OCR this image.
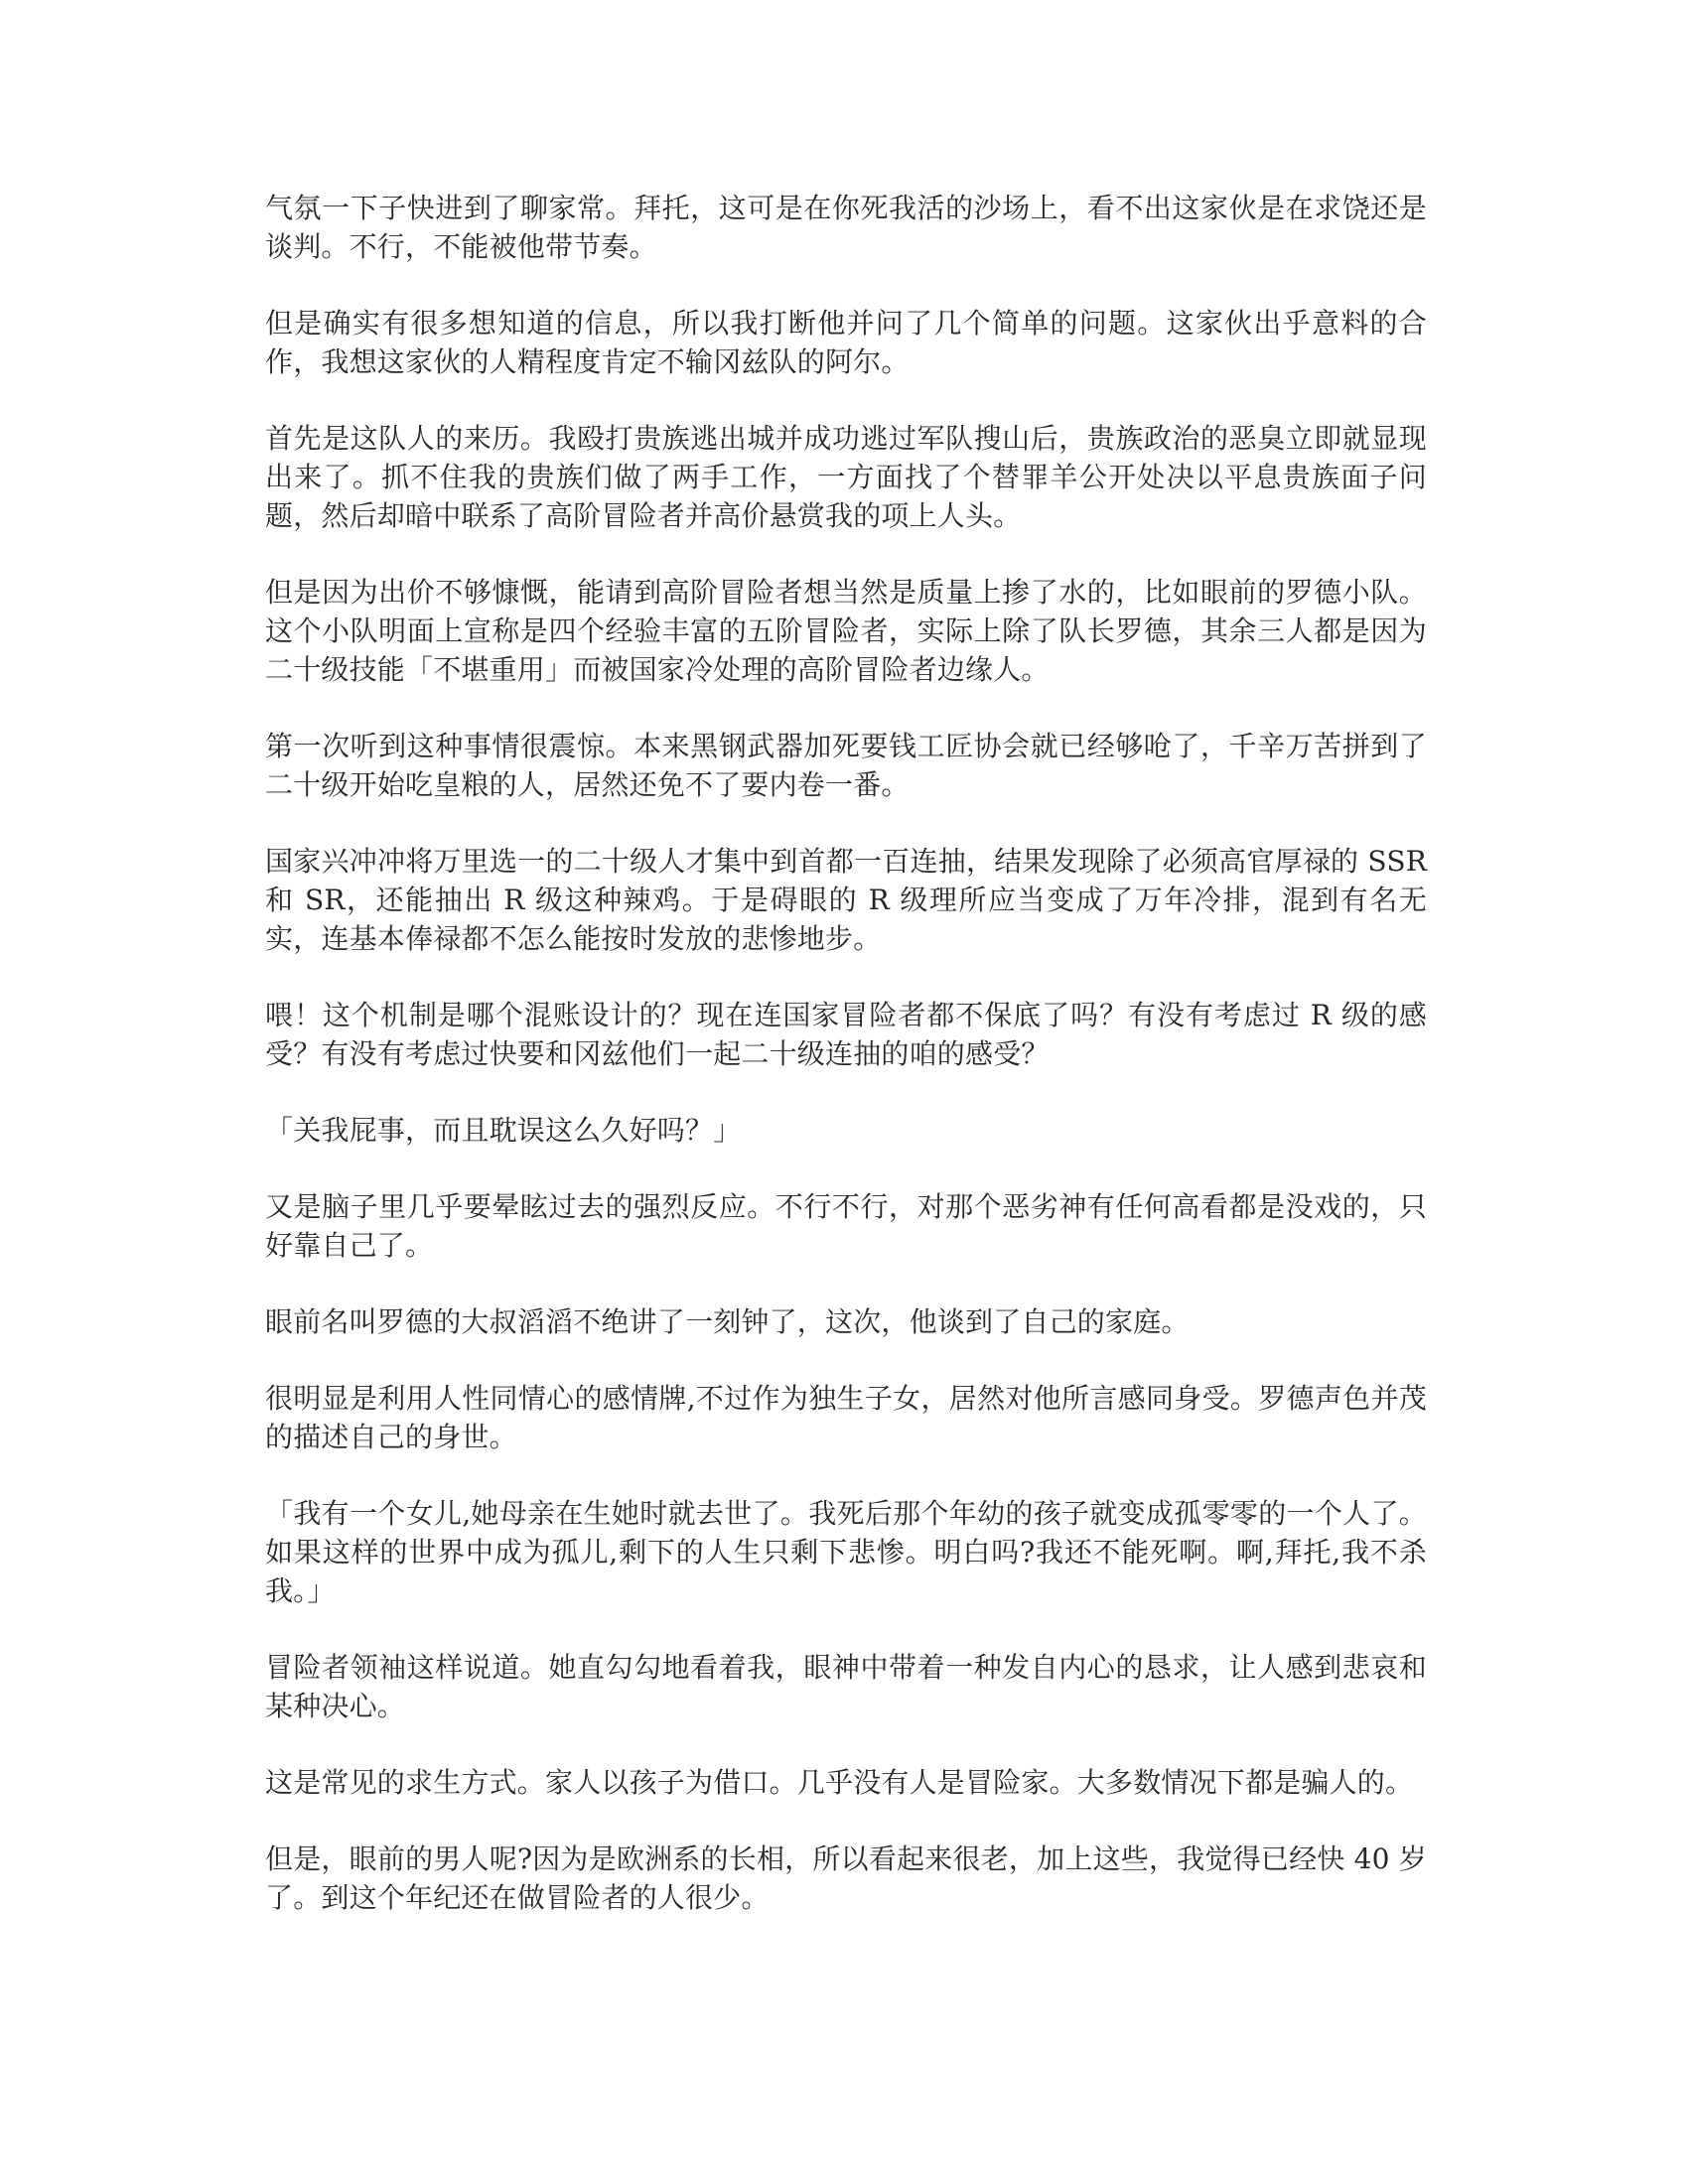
气氛一下子快进到了聊家常。拜托，这可是在你死我活的沙场上，看不出这家伙是在求饶还是谈判。不行，不能被他带节奏。

但是确实有很多想知道的信息，所以我打断他并问了几个简单的问题。这家伙出乎意料的合作，我想这家伙的人精程度肯定不输冈兹队的阿尔。

首先是这队人的来历。我殴打贵族逃出城并成功逃过军队搜山后，贵族政治的恶臭立即就显现出来了。抓不住我的贵族们做了两手工作，一方面找了个替罪羊公开处决以平息贵族面子问题，然后却暗中联系了高阶冒险者并高价悬赏我的项上人头。

但是因为出价不够慷慨，能请到高阶冒险者想当然是质量上掺了水的，比如眼前的罗德小队。这个小队明面上宣称是四个经验丰富的五阶冒险者，实际上除了队长罗德，其余三人都是因为二十级技能「不堪重用」而被国家冷处理的高阶冒险者边缘人。

第一次听到这种事情很震惊。本来黑钢武器加死要钱工匠协会就已经够呛了，千辛万苦拼到了二十级开始吃皇粮的人，居然还免不了要内卷一番。

国家兴冲冲将万里选一的二十级人才集中到首都一百连抽，结果发现除了必须高官厚禄的 SSR 和 SR，还能抽出 R 级这种辣鸡。于是碍眼的 R 级理所应当变成了万年冷排，混到有名无实，连基本俸禄都不怎么能按时发放的悲惨地步。

喂！这个机制是哪个混账设计的？现在连国家冒险者都不保底了吗？有没有考虑过 R 级的感受？有没有考虑过快要和冈兹他们一起二十级连抽的咱的感受？

「关我屁事，而且耽误这么久好吗？」

又是脑子里几乎要晕眩过去的强烈反应。不行不行，对那个恶劣神有任何高看都是没戏的，只好靠自己了。

眼前名叫罗德的大叔滔滔不绝讲了一刻钟了，这次，他谈到了自己的家庭。

很明显是利用人性同情心的感情牌,不过作为独生子女，居然对他所言感同身受。罗德声色并茂的描述自己的身世。

「我有一个女儿,她母亲在生她时就去世了。我死后那个年幼的孩子就变成孤零零的一个人了。如果这样的世界中成为孤儿,剩下的人生只剩下悲惨。明白吗?我还不能死啊。啊,拜托,我不杀我。」

冒险者领袖这样说道。她直勾勾地看着我，眼神中带着一种发自内心的恳求，让人感到悲哀和某种决心。

这是常见的求生方式。家人以孩子为借口。几乎没有人是冒险家。大多数情况下都是骗人的。

但是，眼前的男人呢?因为是欧洲系的长相，所以看起来很老，加上这些，我觉得已经快 40 岁了。到这个年纪还在做冒险者的人很少。
